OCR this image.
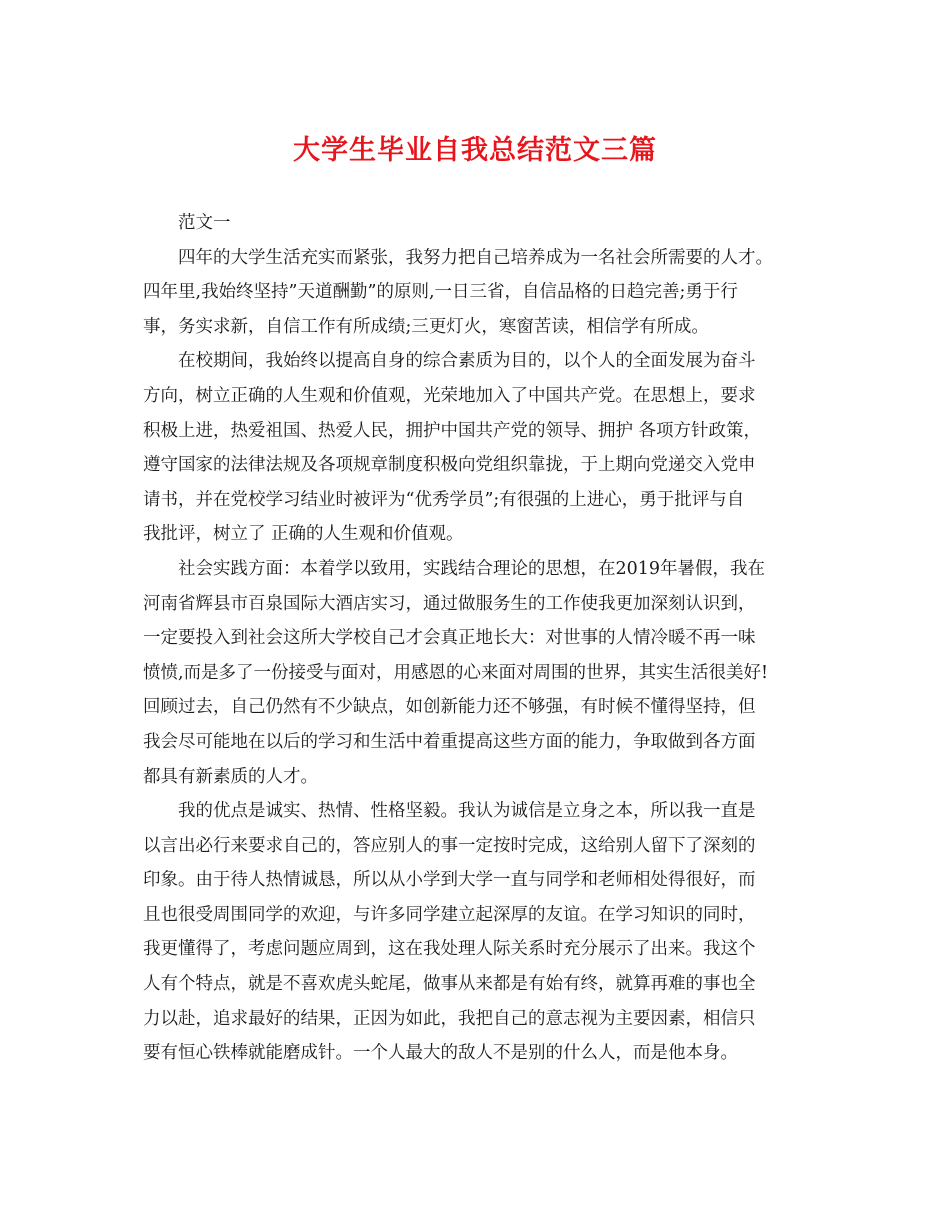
大学生毕业自我总结范文三篇
范文一
四年的大学生活充实而紧张，我努力把自己培养成为一名社会所需要的人才。
四年里,我始终坚持”天道酬勤”的原则,一日三省，自信品格的日趋完善;勇于行
事，务实求新，自信工作有所成绩;三更灯火，寒窗苦读，相信学有所成。
在校期间，我始终以提高自身的综合素质为目的，以个人的全面发展为奋斗
方向，树立正确的人生观和价值观，光荣地加入了中国共产党。在思想上，要求
积极上进，热爱祖国、热爱人民，拥护中国共产党的领导、拥护 各项方针政策，
遵守国家的法律法规及各项规章制度积极向党组织靠拢，于上期向党递交入党申
请书，并在党校学习结业时被评为“优秀学员”;有很强的上进心，勇于批评与自
我批评，树立了 正确的人生观和价值观。
社会实践方面：本着学以致用，实践结合理论的思想，在2019年暑假，我在
河南省辉县市百泉国际大酒店实习，通过做服务生的工作使我更加深刻认识到，
一定要投入到社会这所大学校自己才会真正地长大：对世事的人情冷暖不再一味
愤愤,而是多了一份接受与面对，用感恩的心来面对周围的世界，其实生活很美好!
回顾过去，自己仍然有不少缺点，如创新能力还不够强，有时候不懂得坚持，但
我会尽可能地在以后的学习和生活中着重提高这些方面的能力，争取做到各方面
都具有新素质的人才。
我的优点是诚实、热情、性格坚毅。我认为诚信是立身之本，所以我一直是
以言出必行来要求自己的，答应别人的事一定按时完成，这给别人留下了深刻的
印象。由于待人热情诚恳，所以从小学到大学一直与同学和老师相处得很好，而
且也很受周围同学的欢迎，与许多同学建立起深厚的友谊。在学习知识的同时，
我更懂得了，考虑问题应周到，这在我处理人际关系时充分展示了出来。我这个
人有个特点，就是不喜欢虎头蛇尾，做事从来都是有始有终，就算再难的事也全
力以赴，追求最好的结果，正因为如此，我把自己的意志视为主要因素，相信只
要有恒心铁棒就能磨成针。一个人最大的敌人不是别的什么人，而是他本身。
